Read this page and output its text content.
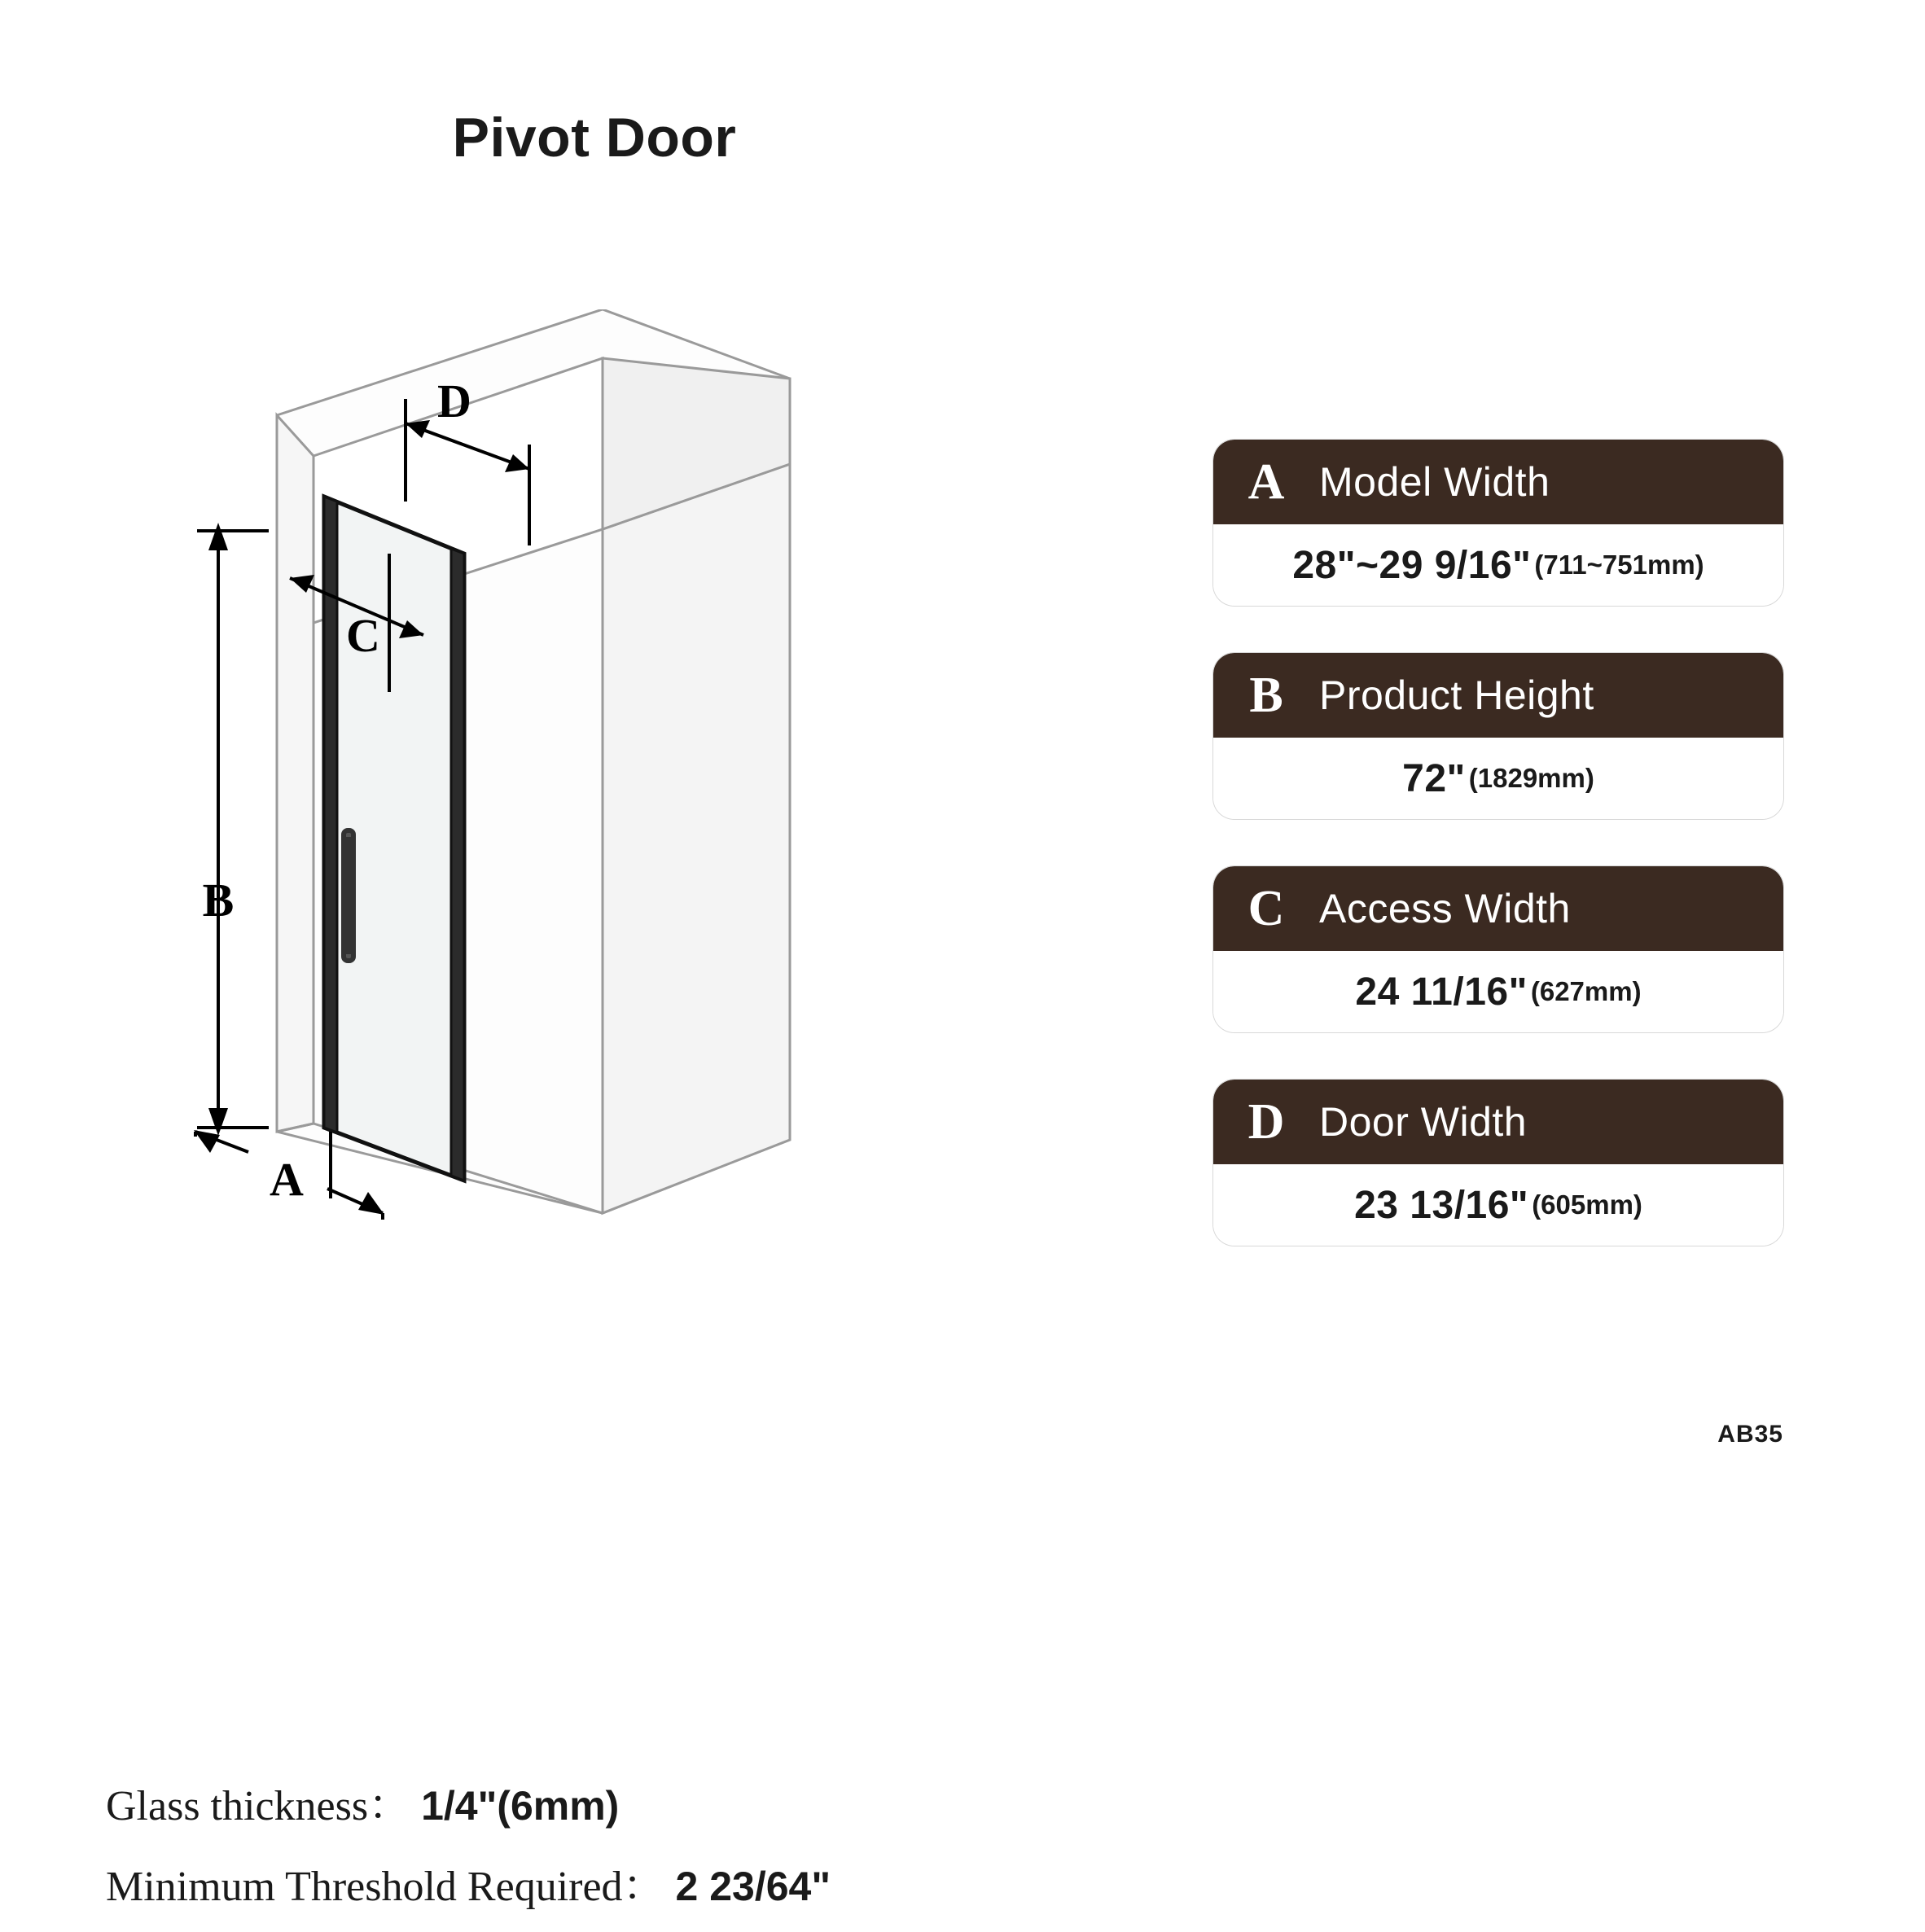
Pivot Door
D
C
B
A
A Model Width
28"~29 9/16" (711~751mm)
B Product Height
72" (1829mm)
C Access Width
24 11/16" (627mm)
D Door Width
23 13/16" (605mm)
AB35
Glass thickness： 1/4"(6mm)
Minimum Threshold Required： 2 23/64"
